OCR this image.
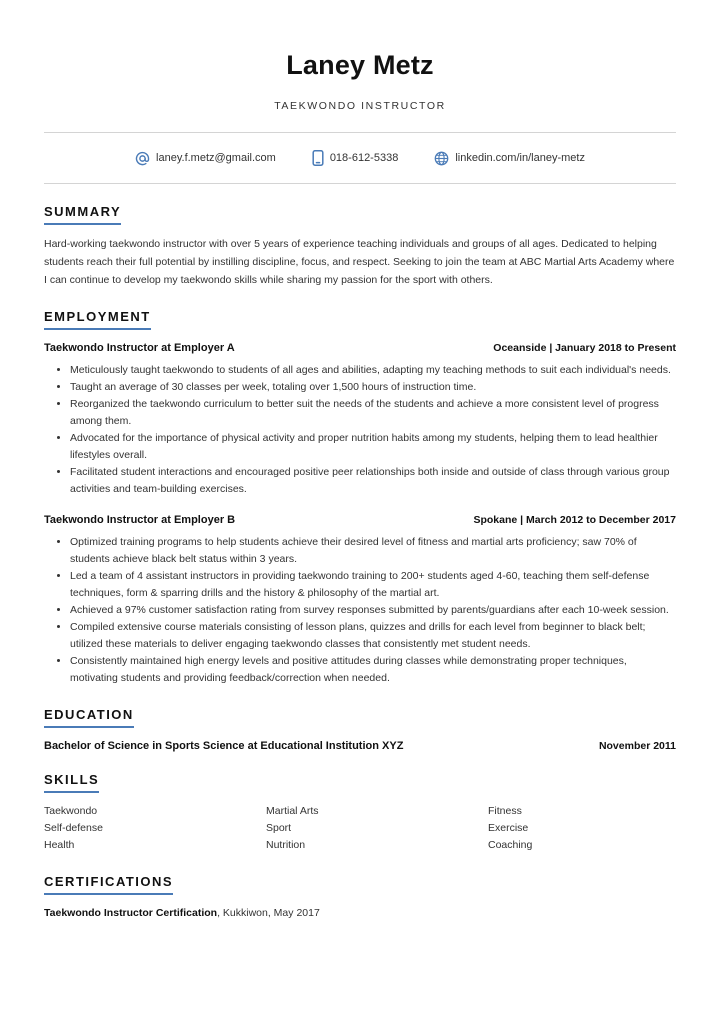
Laney Metz
TAEKWONDO INSTRUCTOR
laney.f.metz@gmail.com	018-612-5338	linkedin.com/in/laney-metz
SUMMARY
Hard-working taekwondo instructor with over 5 years of experience teaching individuals and groups of all ages. Dedicated to helping students reach their full potential by instilling discipline, focus, and respect. Seeking to join the team at ABC Martial Arts Academy where I can continue to develop my taekwondo skills while sharing my passion for the sport with others.
EMPLOYMENT
Taekwondo Instructor at Employer A	Oceanside | January 2018 to Present
• Meticulously taught taekwondo to students of all ages and abilities, adapting my teaching methods to suit each individual's needs.
• Taught an average of 30 classes per week, totaling over 1,500 hours of instruction time.
• Reorganized the taekwondo curriculum to better suit the needs of the students and achieve a more consistent level of progress among them.
• Advocated for the importance of physical activity and proper nutrition habits among my students, helping them to lead healthier lifestyles overall.
• Facilitated student interactions and encouraged positive peer relationships both inside and outside of class through various group activities and team-building exercises.
Taekwondo Instructor at Employer B	Spokane | March 2012 to December 2017
• Optimized training programs to help students achieve their desired level of fitness and martial arts proficiency; saw 70% of students achieve black belt status within 3 years.
• Led a team of 4 assistant instructors in providing taekwondo training to 200+ students aged 4-60, teaching them self-defense techniques, form & sparring drills and the history & philosophy of the martial art.
• Achieved a 97% customer satisfaction rating from survey responses submitted by parents/guardians after each 10-week session.
• Compiled extensive course materials consisting of lesson plans, quizzes and drills for each level from beginner to black belt; utilized these materials to deliver engaging taekwondo classes that consistently met student needs.
• Consistently maintained high energy levels and positive attitudes during classes while demonstrating proper techniques, motivating students and providing feedback/correction when needed.
EDUCATION
Bachelor of Science in Sports Science at Educational Institution XYZ	November 2011
SKILLS
Taekwondo	Martial Arts	Fitness
Self-defense	Sport	Exercise
Health	Nutrition	Coaching
CERTIFICATIONS
Taekwondo Instructor Certification, Kukkiwon, May 2017
